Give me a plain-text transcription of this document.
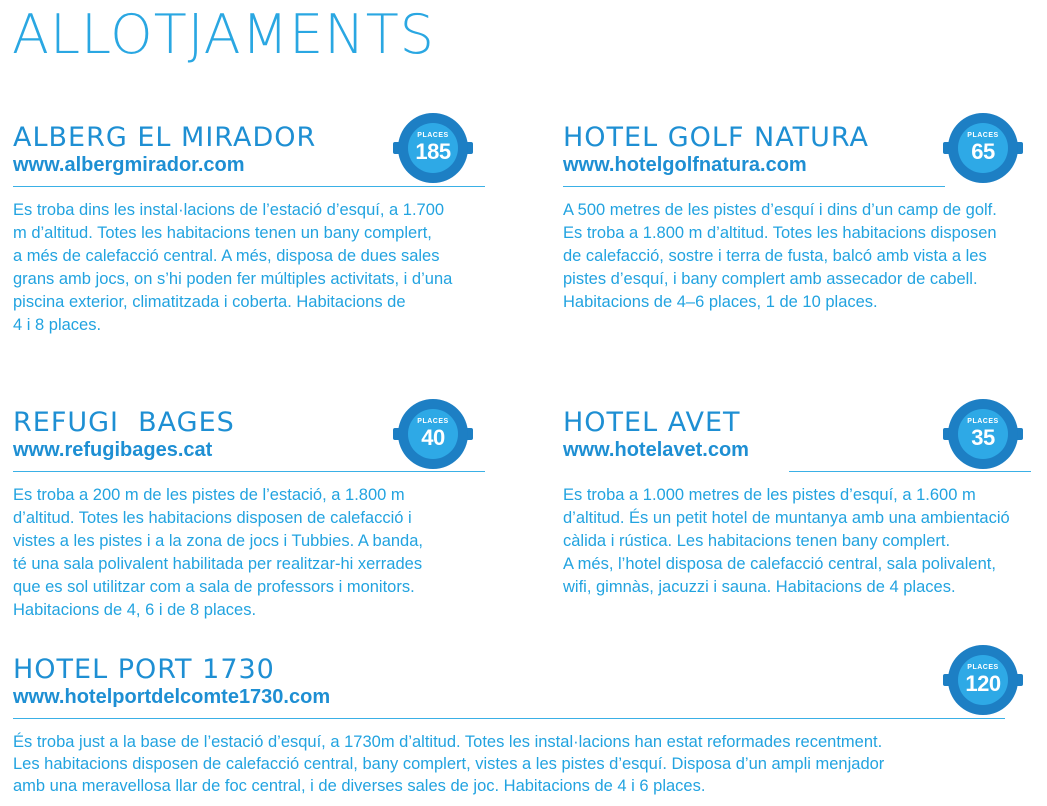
ALLOTJAMENTS
ALBERG EL MIRADOR
www.albergmirador.com
Es troba dins les instal·lacions de l’estació d’esquí, a 1.700
m d’altitud. Totes les habitacions tenen un bany complert,
a més de calefacció central. A més, disposa de dues sales
grans amb jocs, on s’hi poden fer múltiples activitats, i d’una
piscina exterior, climatitzada i coberta. Habitacions de
4 i 8 places.
PLACES
185	HOTEL GOLF NATURA
www.hotelgolfnatura.com
A 500 metres de les pistes d’esquí i dins d’un camp de golf.
Es troba a 1.800 m d’altitud. Totes les habitacions disposen
de calefacció, sostre i terra de fusta, balcó amb vista a les
pistes d’esquí, i bany complert amb assecador de cabell.
Habitacions de 4–6 places, 1 de 10 places.
PLACES
65
REFUGI  BAGES
www.refugibages.cat
Es troba a 200 m de les pistes de l’estació, a 1.800 m
d’altitud. Totes les habitacions disposen de calefacció i
vistes a les pistes i a la zona de jocs i Tubbies. A banda,
té una sala polivalent habilitada per realitzar-hi xerrades
que es sol utilitzar com a sala de professors i monitors.
Habitacions de 4, 6 i de 8 places.
PLACES
40	HOTEL AVET
www.hotelavet.com
Es troba a 1.000 metres de les pistes d’esquí, a 1.600 m
d’altitud. És un petit hotel de muntanya amb una ambientació
càlida i rústica. Les habitacions tenen bany complert.
A més, l’hotel disposa de calefacció central, sala polivalent,
wifi, gimnàs, jacuzzi i sauna. Habitacions de 4 places.
PLACES
35
HOTEL PORT 1730
www.hotelportdelcomte1730.com
És troba just a la base de l’estació d’esquí, a 1730m d’altitud. Totes les instal·lacions han estat reformades recentment.
Les habitacions disposen de calefacció central, bany complert, vistes a les pistes d’esquí. Disposa d’un ampli menjador
amb una meravellosa llar de foc central, i de diverses sales de joc. Habitacions de 4 i 6 places.
PLACES
120
